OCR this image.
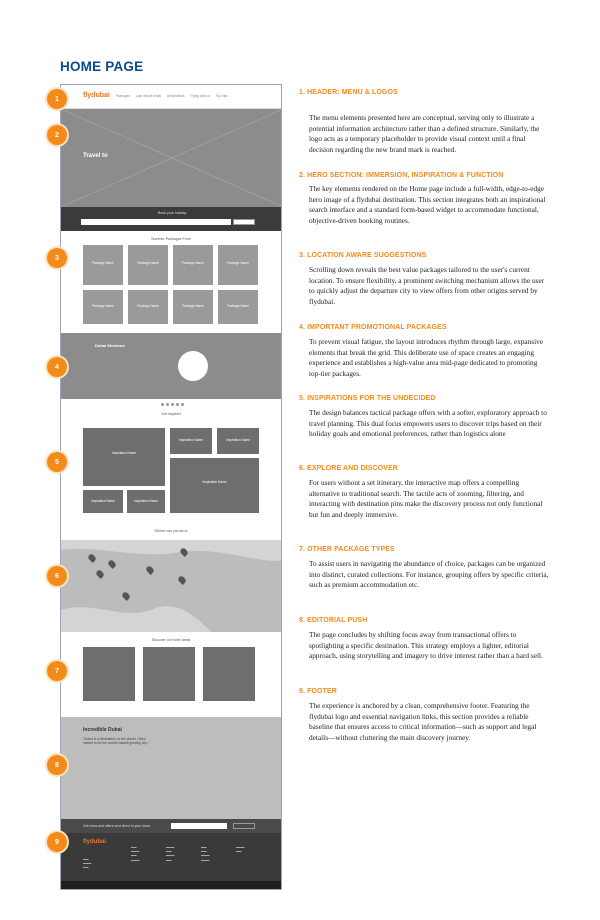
HOME PAGE
flydubai Packages Last minute deals Destinations Flying with us Top trips
Travel to
Book your holiday
Summer Packages From
Package Name	Package Name	Package Name	Package Name
Package Name	Package Name	Package Name	Package Name
Dubai Weekend
Get inspired
Inspiration Name
Inspiration Name	Inspiration Name
Inspiration Name
Inspiration Name	Inspiration Name
Where can you be in
Discover our hotel deals
Incredible Dubai
"Dubai is a destination on the planet. Often named to be the world's fastest growing city..."
Get news and offers sent direct to your inbox
flydubai
▬▬
▬▬▬
▬▬
▬▬
▬▬▬
▬▬
▬▬▬
▬▬▬
▬▬
▬▬▬
▬▬
▬▬
▬▬
▬▬▬
▬▬▬
▬▬▬
▬▬
1
2
3
4
5
6
7
8
9
1. HEADER: MENU & LOGOS
The menu elements presented here are conceptual, serving only to illustrate a potential information architecture rather than a defined structure. Similarly, the logo acts as a temporary placeholder to provide visual context until a final decision regarding the new brand mark is reached.
2. HERO SECTION: IMMERSION, INSPIRATION & FUNCTION
The key elements rendered on the Home page include a full-width, edge-to-edge hero image of a flydubai destination. This section integrates both an inspirational search interface and a standard form-based widget to accommodate functional, objective-driven booking routines.
3. LOCATION AWARE SUGGESTIONS
Scrolling down reveals the best value packages tailored to the user's current location. To ensure flexibility, a prominent switching mechanism allows the user to quickly adjust the departure city to view offers from other origins served by flydubai.
4. IMPORTANT PROMOTIONAL PACKAGES
To prevent visual fatigue, the layout introduces rhythm through large, expansive elements that break the grid. This deliberate use of space creates an engaging experience and establishes a high-value area mid-page dedicated to promoting top-tier packages.
5. INSPIRATIONS FOR THE UNDECIDED
The design balances tactical package offers with a softer, exploratory approach to travel planning. This dual focus empowers users to discover trips based on their holiday goals and emotional preferences, rather than logistics alone
6. EXPLORE AND DISCOVER
For users without a set itinerary, the interactive map offers a compelling alternative to traditional search. The tactile acts of zooming, filtering, and interacting with destination pins make the discovery process not only functional but fun and deeply immersive.
7. OTHER PACKAGE TYPES
To assist users in navigating the abundance of choice, packages can be organized into distinct, curated collections. For instance, grouping offers by specific criteria, such as premium accommodation etc.
8. EDITORIAL PUSH
The page concludes by shifting focus away from transactional offers to spotlighting a specific destination. This strategy employs a lighter, editorial approach, using storytelling and imagery to drive interest rather than a hard sell.
9. FOOTER
The experience is anchored by a clean, comprehensive footer. Featuring the flydubai logo and essential navigation links, this section provides a reliable baseline that ensures access to critical information—such as support and legal details—without cluttering the main discovery journey.
